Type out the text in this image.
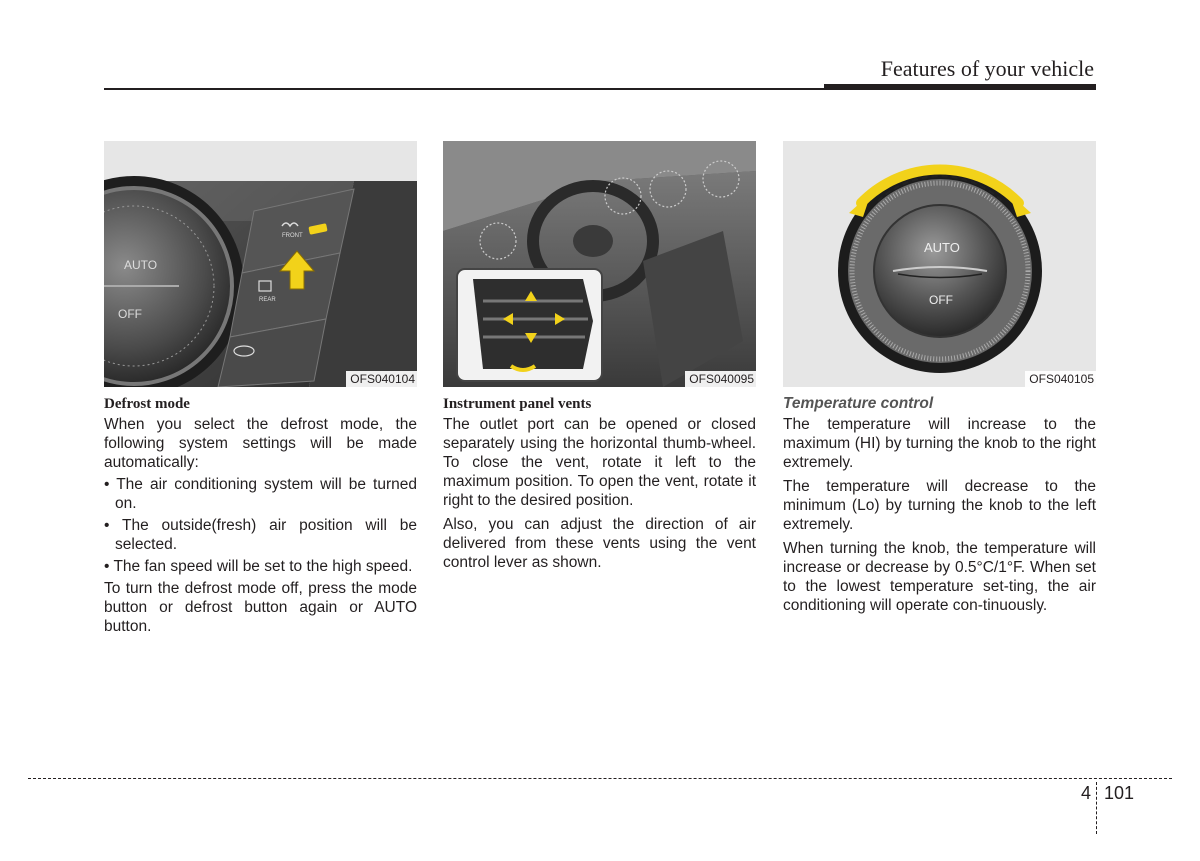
Features of your vehicle
AUTO
OFF
FRONT
REAR
OFS040104
Defrost mode

When you select the defrost mode, the following system settings will be made automatically:

• The air conditioning system will be turned on.
• The outside(fresh) air position will be selected.
• The fan speed will be set to the high speed.

To turn the defrost mode off, press the mode button or defrost button again or AUTO button.

OFS040095
Instrument panel vents

The outlet port can be opened or closed separately using the horizontal thumb-wheel. To close the vent, rotate it left to the maximum position. To open the vent, rotate it right to the desired position.

Also, you can adjust the direction of air delivered from these vents using the vent control lever as shown.

AUTO
OFF
OFS040105
Temperature control

The temperature will increase to the maximum (HI) by turning the knob to the right extremely.

The temperature will decrease to the minimum (Lo) by turning the knob to the left extremely.

When turning the knob, the temperature will increase or decrease by 0.5°C/1°F. When set to the lowest temperature set-ting, the air conditioning will operate con-tinuously.

4 101
